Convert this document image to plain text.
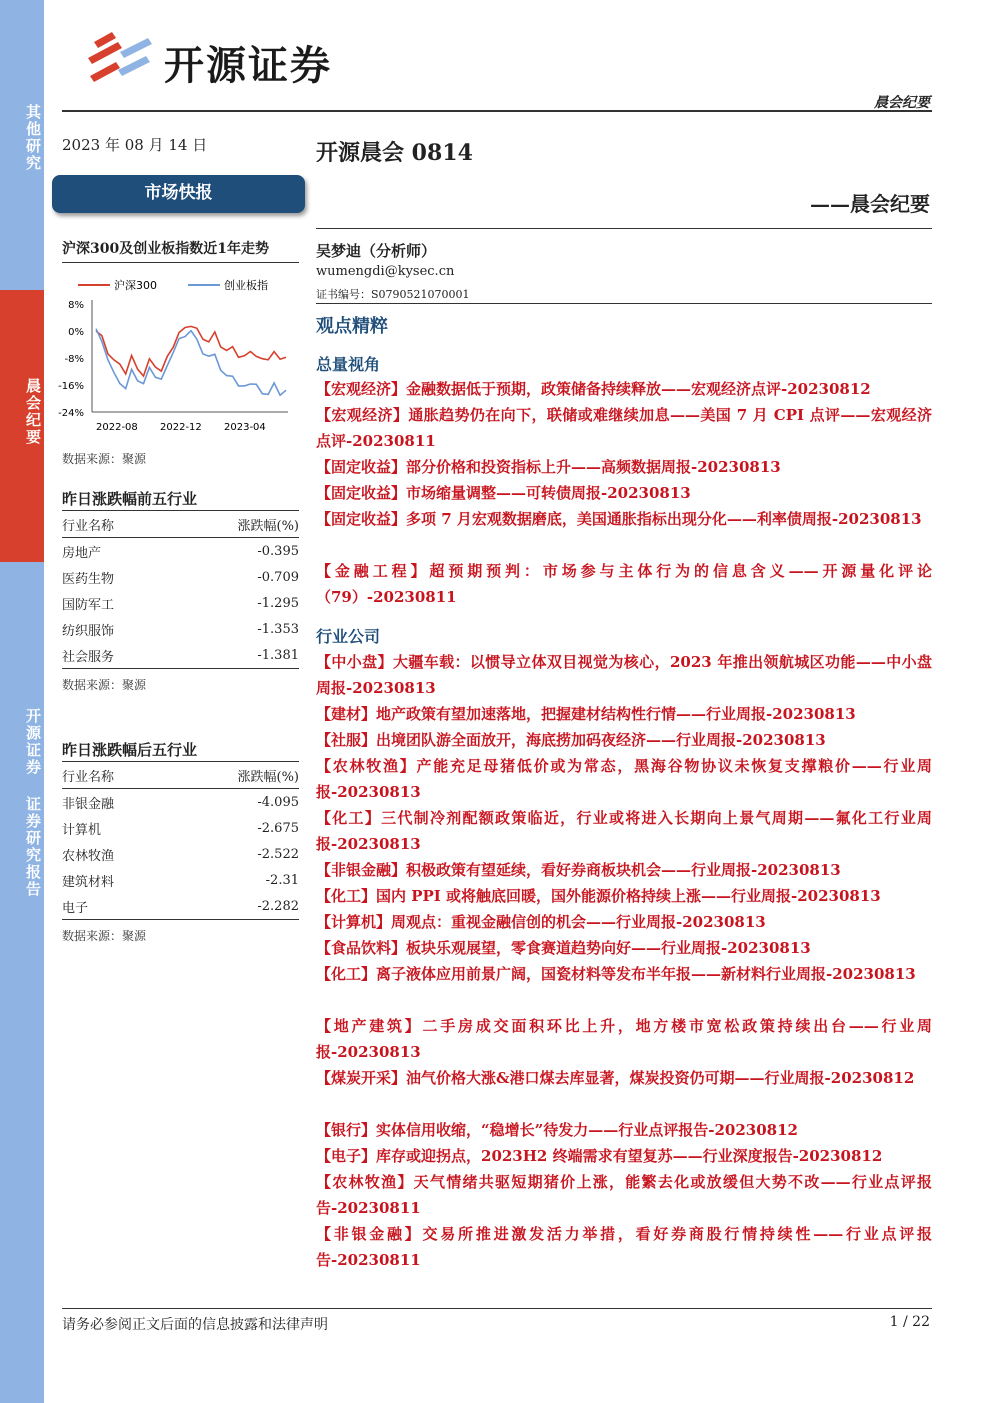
其他研究
晨会纪要
开源证券 证券研究报告
开源证券
晨会纪要
2023 年 08 月 14 日
市场快报
沪深300及创业板指数近1年走势
沪深300	创业板指
8%
0%
-8%
-16%
-24%
2022-08 2022-12 2023-04
数据来源：聚源
昨日涨跌幅前五行业
行业名称	涨跌幅(%)
房地产	-0.395
医药生物	-0.709
国防军工	-1.295
纺织服饰	-1.353
社会服务	-1.381
数据来源：聚源
昨日涨跌幅后五行业
行业名称	涨跌幅(%)
非银金融	-4.095
计算机	-2.675
农林牧渔	-2.522
建筑材料	-2.31
电子	-2.282
数据来源：聚源
开源晨会 0814
——晨会纪要
吴梦迪（分析师）
wumengdi@kysec.cn
证书编号：S0790521070001
观点精粹
总量视角
【宏观经济】金融数据低于预期，政策储备持续释放——宏观经济点评-20230812
【宏观经济】通胀趋势仍在向下，联储或难继续加息——美国 7 月 CPI 点评——宏观经济点评-20230811
【固定收益】部分价格和投资指标上升——高频数据周报-20230813
【固定收益】市场缩量调整——可转债周报-20230813
【固定收益】多项 7 月宏观数据磨底，美国通胀指标出现分化——利率债周报-20230813
【金融工程】超预期预判：市场参与主体行为的信息含义——开源量化评论（79）-20230811
行业公司
【中小盘】大疆车载：以惯导立体双目视觉为核心，2023 年推出领航城区功能——中小盘周报-20230813
【建材】地产政策有望加速落地，把握建材结构性行情——行业周报-20230813
【社服】出境团队游全面放开，海底捞加码夜经济——行业周报-20230813
【农林牧渔】产能充足母猪低价或为常态，黑海谷物协议未恢复支撑粮价——行业周报-20230813
【化工】三代制冷剂配额政策临近，行业或将进入长期向上景气周期——氟化工行业周报-20230813
【非银金融】积极政策有望延续，看好券商板块机会——行业周报-20230813
【化工】国内 PPI 或将触底回暖，国外能源价格持续上涨——行业周报-20230813
【计算机】周观点：重视金融信创的机会——行业周报-20230813
【食品饮料】板块乐观展望，零食赛道趋势向好——行业周报-20230813
【化工】离子液体应用前景广阔，国瓷材料等发布半年报——新材料行业周报-20230813
【地产建筑】二手房成交面积环比上升，地方楼市宽松政策持续出台——行业周报-20230813
【煤炭开采】油气价格大涨&港口煤去库显著，煤炭投资仍可期——行业周报-20230812
【银行】实体信用收缩，“稳增长”待发力——行业点评报告-20230812
【电子】库存或迎拐点，2023H2 终端需求有望复苏——行业深度报告-20230812
【农林牧渔】天气情绪共驱短期猪价上涨，能繁去化或放缓但大势不改——行业点评报告-20230811
【非银金融】交易所推进激发活力举措，看好券商股行情持续性——行业点评报告-20230811
请务必参阅正文后面的信息披露和法律声明	1 / 22
